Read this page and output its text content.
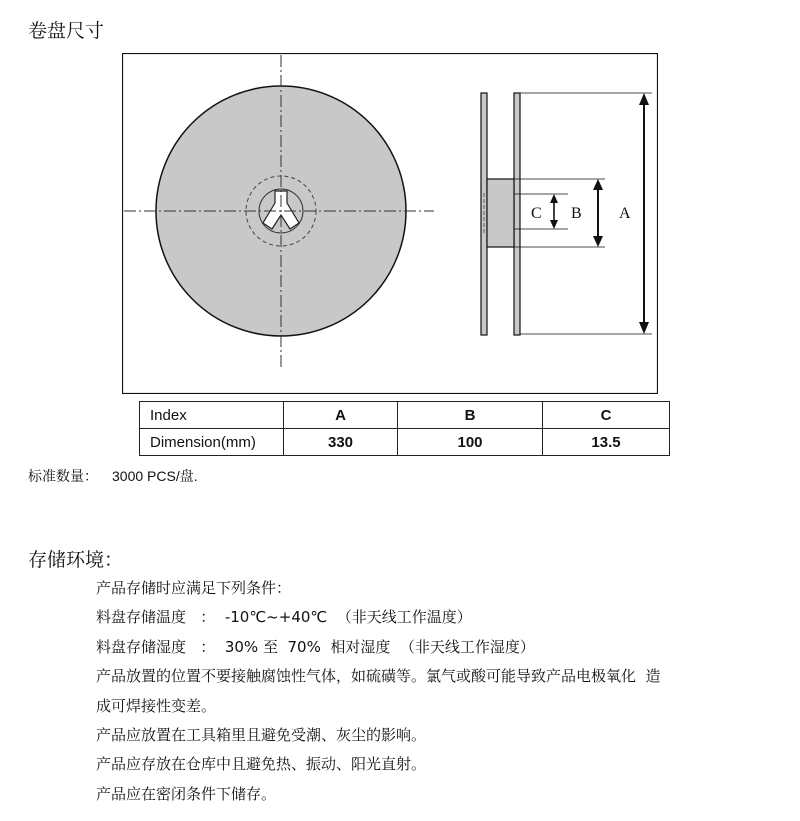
卷盘尺寸
A
B
C
Index	A	B	C
Dimension(mm)	330	100	13.5
标准数量： 3000 PCS/盘.
存储环境：
产品存储时应满足下列条件：
料盘存储温度   ：  -10℃~+40℃  （非天线工作温度）
料盘存储湿度   ：  30% 至  70%  相对湿度  （非天线工作湿度）
产品放置的位置不要接触腐蚀性气体，如硫磺等。氯气或酸可能导致产品电极氧化  造
成可焊接性变差。
产品应放置在工具箱里且避免受潮、灰尘的影响。
产品应存放在仓库中且避免热、振动、阳光直射。
产品应在密闭条件下储存。
